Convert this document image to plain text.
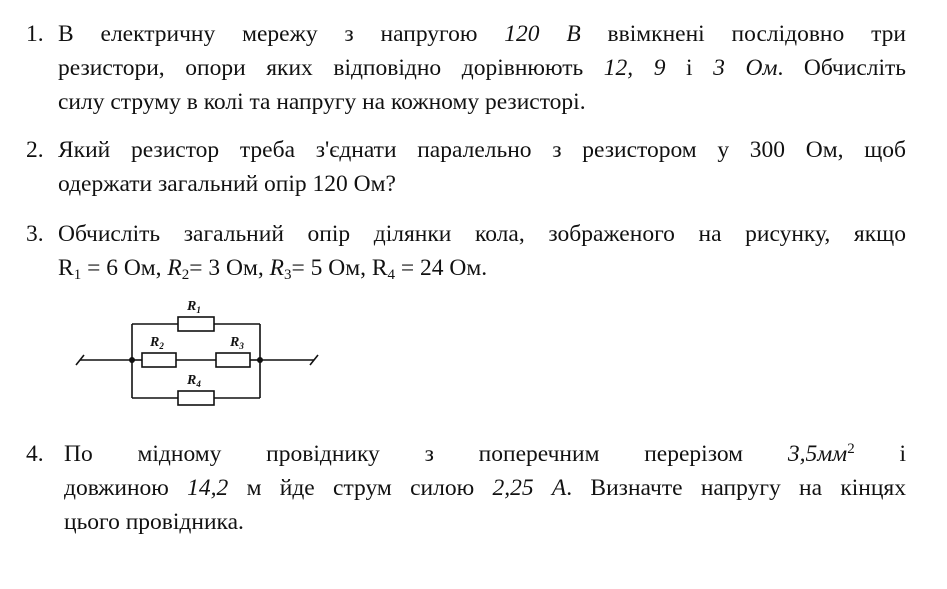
1. В електричну мережу з напругою 120 В ввімкнені послідовно три
резистори, опори яких відповідно дорівнюють 12, 9 і 3 Ом. Обчисліть
силу струму в колі та напругу на кожному резисторі.
2. Який резистор треба з'єднати паралельно з резистором у 300 Ом, щоб
одержати загальний опір 120 Ом?
3. Обчисліть загальний опір ділянки кола, зображеного на рисунку, якщо
$R_1 = 6$ Ом, $R_2= 3$ Ом, $R_3= 5$ Ом, $R_4 = 24$ Ом.
$R_1$
$R_2$	$R_3$
$R_4$
4. По мідному провіднику з поперечним перерізом $3,5мм^2$ і
довжиною 14,2 м йде струм силою 2,25 А. Визначте напругу на кінцях
цього провідника.
